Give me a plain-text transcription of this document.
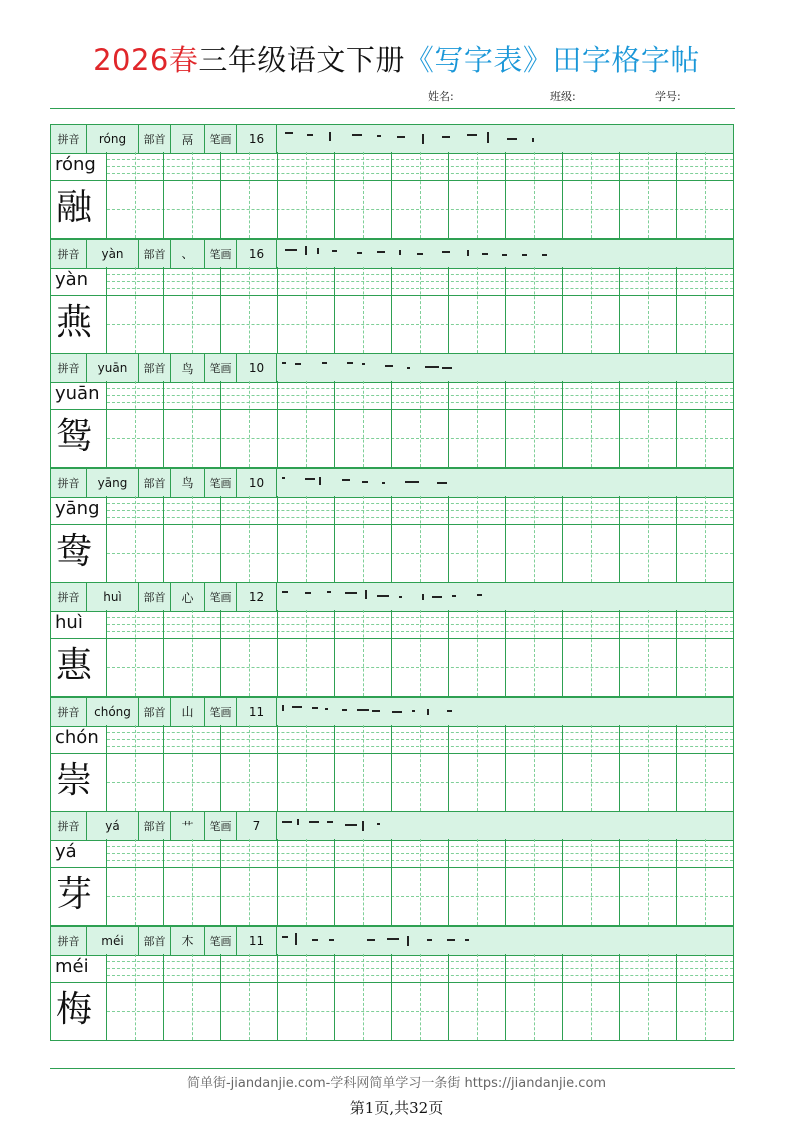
2026春三年级语文下册《写字表》田字格字帖
姓名:	班级:	学号:
拼音	róng	部首	鬲	笔画	16
róng
融
拼音	yàn	部首	、	笔画	16
yàn
燕
拼音	yuān	部首	鸟	笔画	10
yuān
鸳
拼音	yāng	部首	鸟	笔画	10
yāng
鸯
拼音	huì	部首	心	笔画	12
huì
惠
拼音	chóng	部首	山	笔画	11
chón
崇
拼音	yá	部首	艹	笔画	7
yá
芽
拼音	méi	部首	木	笔画	11
méi
梅
简单街-jiandanjie.com-学科网简单学习一条街 https://jiandanjie.com
第1页,共32页
